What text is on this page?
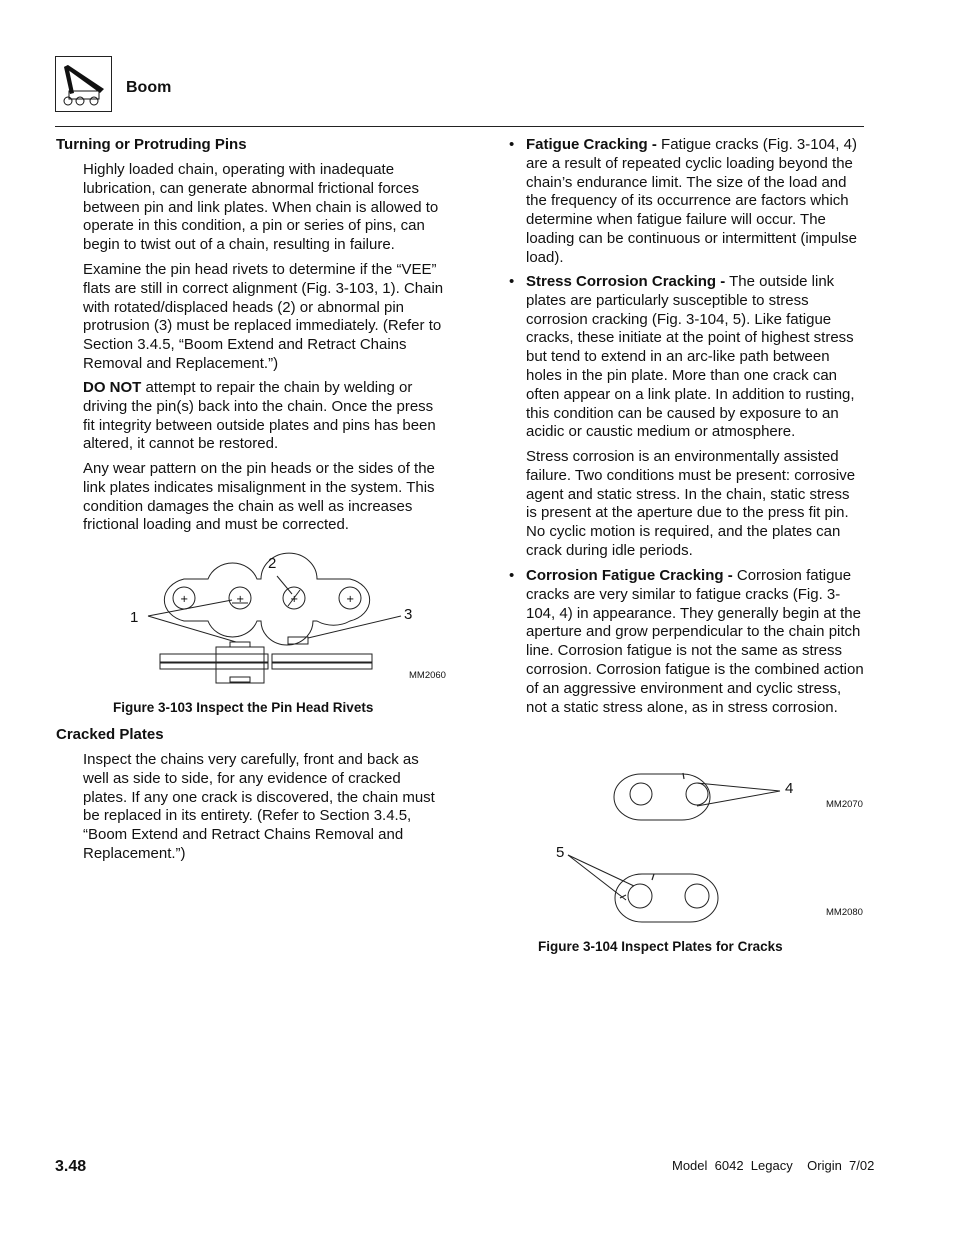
Boom
Turning or Protruding Pins

Highly loaded chain, operating with inadequate lubrication, can generate abnormal frictional forces between pin and link plates. When chain is allowed to operate in this condition, a pin or series of pins, can begin to twist out of a chain, resulting in failure.

Examine the pin head rivets to determine if the “VEE” flats are still in correct alignment (Fig. 3-103, 1). Chain with rotated/displaced heads (2) or abnormal pin protrusion (3) must be replaced immediately. (Refer to Section 3.4.5, “Boom Extend and Retract Chains Removal and Replacement.”)

DO NOT attempt to repair the chain by welding or driving the pin(s) back into the chain. Once the press fit integrity between outside plates and pins has been altered, it cannot be restored.

Any wear pattern on the pin heads or the sides of the link plates indicates misalignment in the system. This condition damages the chain as well as increases frictional loading and must be corrected.

+	+	+	+
1
2
3
MM2060
Figure 3-103 Inspect the Pin Head Rivets
Cracked Plates

Inspect the chains very carefully, front and back as well as side to side, for any evidence of cracked plates. If any one crack is discovered, the chain must be replaced in its entirety. (Refer to Section 3.4.5, “Boom Extend and Retract Chains Removal and Replacement.”)

• Fatigue Cracking - Fatigue cracks (Fig. 3-104, 4) are a result of repeated cyclic loading beyond the chain’s endurance limit. The size of the load and the frequency of its occurrence are factors which determine when fatigue failure will occur. The loading can be continuous or intermittent (impulse load).

• Stress Corrosion Cracking - The outside link plates are particularly susceptible to stress corrosion cracking (Fig. 3-104, 5). Like fatigue cracks, these initiate at the point of highest stress but tend to extend in an arc-like path between holes in the pin plate. More than one crack can often appear on a link plate. In addition to rusting, this condition can be caused by exposure to an acidic or caustic medium or atmosphere.

Stress corrosion is an environmentally assisted failure. Two conditions must be present: corrosive agent and static stress. In the chain, static stress is present at the aperture due to the press fit pin. No cyclic motion is required, and the plates can crack during idle periods.

• Corrosion Fatigue Cracking - Corrosion fatigue cracks are very similar to fatigue cracks (Fig. 3-104, 4) in appearance. They generally begin at the aperture and grow perpendicular to the chain pitch line. Corrosion fatigue is not the same as stress corrosion. Corrosion fatigue is the combined action of an aggressive environment and cyclic stress, not a static stress alone, as in stress corrosion.

4
MM2070
5
MM2080
Figure 3-104 Inspect Plates for Cracks
3.48	Model  6042  Legacy    Origin  7/02
